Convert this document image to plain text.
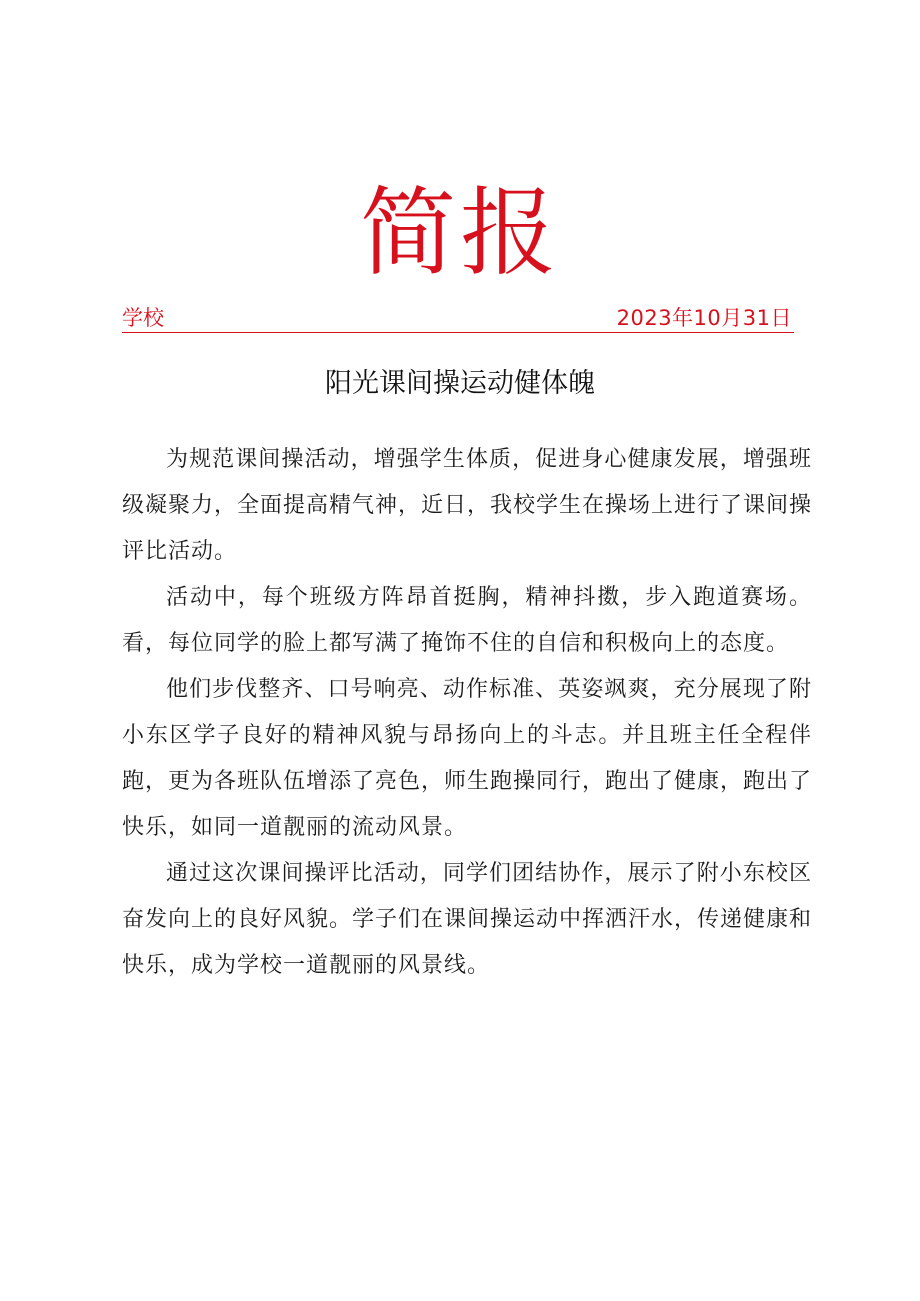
简报
学校	2023年10月31日
阳光课间操运动健体魄

为规范课间操活动，增强学生体质，促进身心健康发展，增强班级凝聚力，全面提高精气神，近日，我校学生在操场上进行了课间操评比活动。

活动中，每个班级方阵昂首挺胸，精神抖擞，步入跑道赛场。看，每位同学的脸上都写满了掩饰不住的自信和积极向上的态度。

他们步伐整齐、口号响亮、动作标准、英姿飒爽，充分展现了附小东区学子良好的精神风貌与昂扬向上的斗志。并且班主任全程伴跑，更为各班队伍增添了亮色，师生跑操同行，跑出了健康，跑出了快乐，如同一道靓丽的流动风景。

通过这次课间操评比活动，同学们团结协作，展示了附小东校区奋发向上的良好风貌。学子们在课间操运动中挥洒汗水，传递健康和快乐，成为学校一道靓丽的风景线。
